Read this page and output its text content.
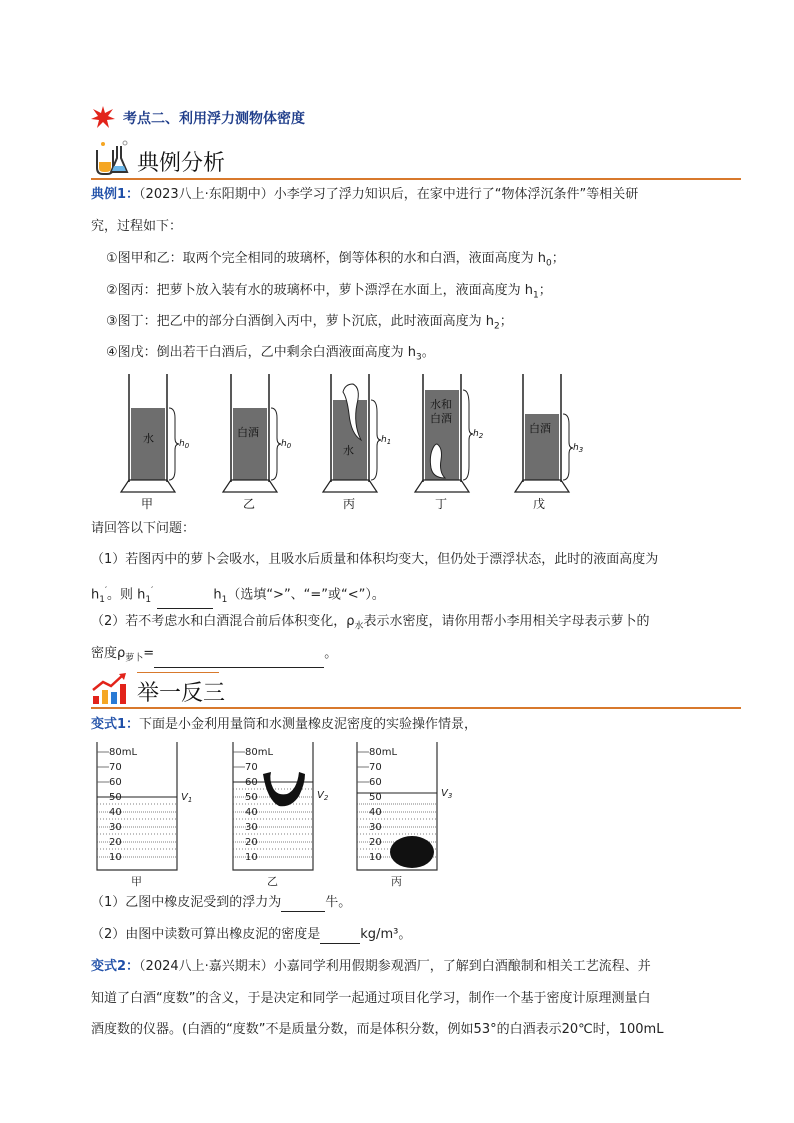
考点二、利用浮力测物体密度
典例分析
典例1：（2023八上·东阳期中）小李学习了浮力知识后，在家中进行了“物体浮沉条件”等相关研
究，过程如下：
①图甲和乙：取两个完全相同的玻璃杯，倒等体积的水和白酒，液面高度为 $h_0$；
②图丙：把萝卜放入装有水的玻璃杯中，萝卜漂浮在水面上，液面高度为 $h_1$；
③图丁：把乙中的部分白酒倒入丙中，萝卜沉底，此时液面高度为 $h_2$；
④图戊：倒出若干白酒后，乙中剩余白酒液面高度为 $h_3$。
水	$h_0$
甲
白酒
$h_0$
乙
水
$h_1$
丙
水和
白酒
$h_2$
丁
白酒
$h_3$
戊
请回答以下问题：
（1）若图丙中的萝卜会吸水，且吸水后质量和体积均变大，但仍处于漂浮状态，此时的液面高度为
$h_1'$。则 $h_1'$	$h_1$（选填“>”、“=”或“<”）。
（2）若不考虑水和白酒混合前后体积变化，$\rho_水$表示水密度，请你用帮小李用相关字母表示萝卜的
密度$\rho_{萝卜}=$	。
举一反三
变式1：下面是小金利用量筒和水测量橡皮泥密度的实验操作情景，
80mL
70
60
50
40
30
20
10
$V_1$
甲
80mL
70
60
50
40
30
20
10
$V_2$
乙
80mL
70
60
50
40
30
20
10
$V_3$
丙
（1）乙图中橡皮泥受到的浮力为	牛。
（2）由图中读数可算出橡皮泥的密度是	kg/m³。
变式2：（2024八上·嘉兴期末）小嘉同学利用假期参观酒厂，了解到白酒酿制和相关工艺流程、并
知道了白酒“度数”的含义，于是决定和同学一起通过项目化学习，制作一个基于密度计原理测量白
酒度数的仪器。(白酒的“度数”不是质量分数，而是体积分数，例如53°的白酒表示20℃时，100mL
